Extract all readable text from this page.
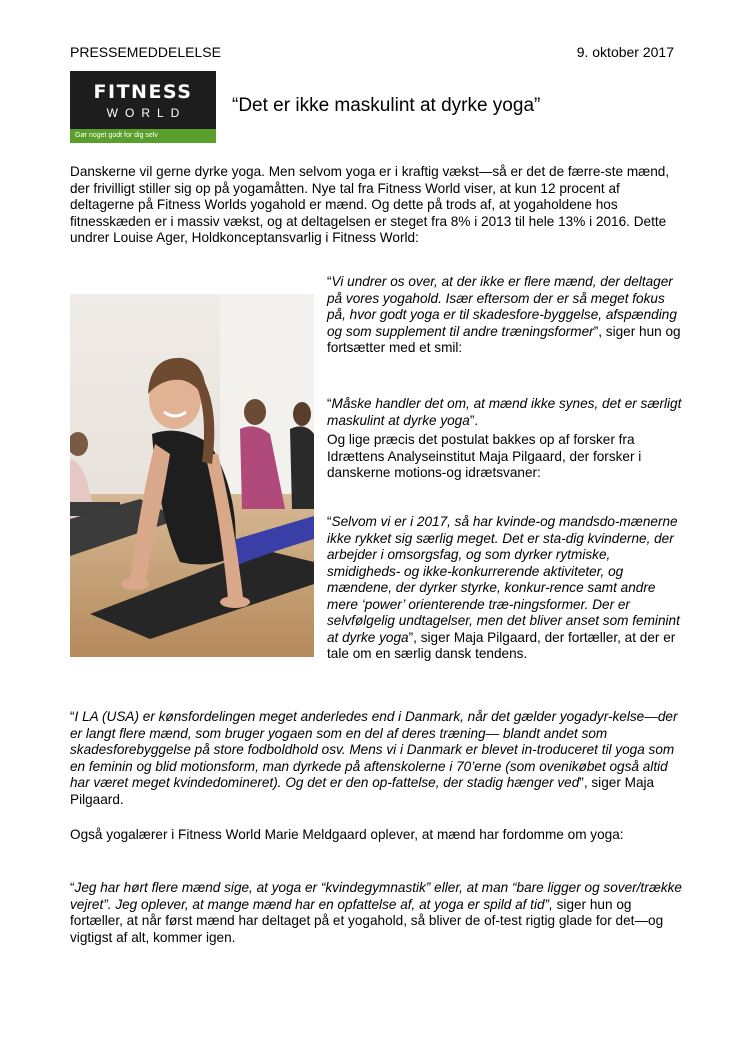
PRESSEMEDDELELSE	9. oktober 2017
FITNESS
WORLD
Gør noget godt for dig selv
“Det er ikke maskulint at dyrke yoga”

Danskerne vil gerne dyrke yoga. Men selvom yoga er i kraftig vækst—så er det de færre-ste mænd, der frivilligt stiller sig op på yogamåtten. Nye tal fra Fitness World viser, at kun 12 procent af deltagerne på Fitness Worlds yogahold er mænd. Og dette på trods af, at yogaholdene hos fitnesskæden er i massiv vækst, og at deltagelsen er steget fra 8% i 2013 til hele 13% i 2016. Dette undrer Louise Ager, Holdkonceptansvarlig i Fitness World:

“Vi undrer os over, at der ikke er flere mænd, der deltager på vores yogahold. Især eftersom der er så meget fokus på, hvor godt yoga er til skadesfore-byggelse, afspænding og som supplement til andre træningsformer”, siger hun og fortsætter med et smil:

“Måske handler det om, at mænd ikke synes, det er særligt maskulint at dyrke yoga”.

Og lige præcis det postulat bakkes op af forsker fra Idrættens Analyseinstitut Maja Pilgaard, der forsker i danskerne motions-og idrætsvaner:

“Selvom vi er i 2017, så har kvinde-og mandsdo-mænerne ikke rykket sig særlig meget. Det er sta-dig kvinderne, der arbejder i omsorgsfag, og som dyrker rytmiske, smidigheds- og ikke-konkurrerende aktiviteter, og mændene, der dyrker styrke, konkur-rence samt andre mere ‘power’ orienterende træ-ningsformer. Der er selvfølgelig undtagelser, men det bliver anset som feminint at dyrke yoga”, siger Maja Pilgaard, der fortæller, at der er tale om en særlig dansk tendens.

“I LA (USA) er kønsfordelingen meget anderledes end i Danmark, når det gælder yogadyr-kelse—der er langt flere mænd, som bruger yogaen som en del af deres træning— blandt andet som skadesforebyggelse på store fodboldhold osv. Mens vi i Danmark er blevet in-troduceret til yoga som en feminin og blid motionsform, man dyrkede på aftenskolerne i 70’erne (som ovenikøbet også altid har været meget kvindedomineret). Og det er den op-fattelse, der stadig hænger ved”, siger Maja Pilgaard.

Også yogalærer i Fitness World Marie Meldgaard oplever, at mænd har fordomme om yoga:

“Jeg har hørt flere mænd sige, at yoga er “kvindegymnastik” eller, at man “bare ligger og sover/trække vejret”. Jeg oplever, at mange mænd har en opfattelse af, at yoga er spild af tid”, siger hun og fortæller, at når først mænd har deltaget på et yogahold, så bliver de of-test rigtig glade for det—og vigtigst af alt, kommer igen.
